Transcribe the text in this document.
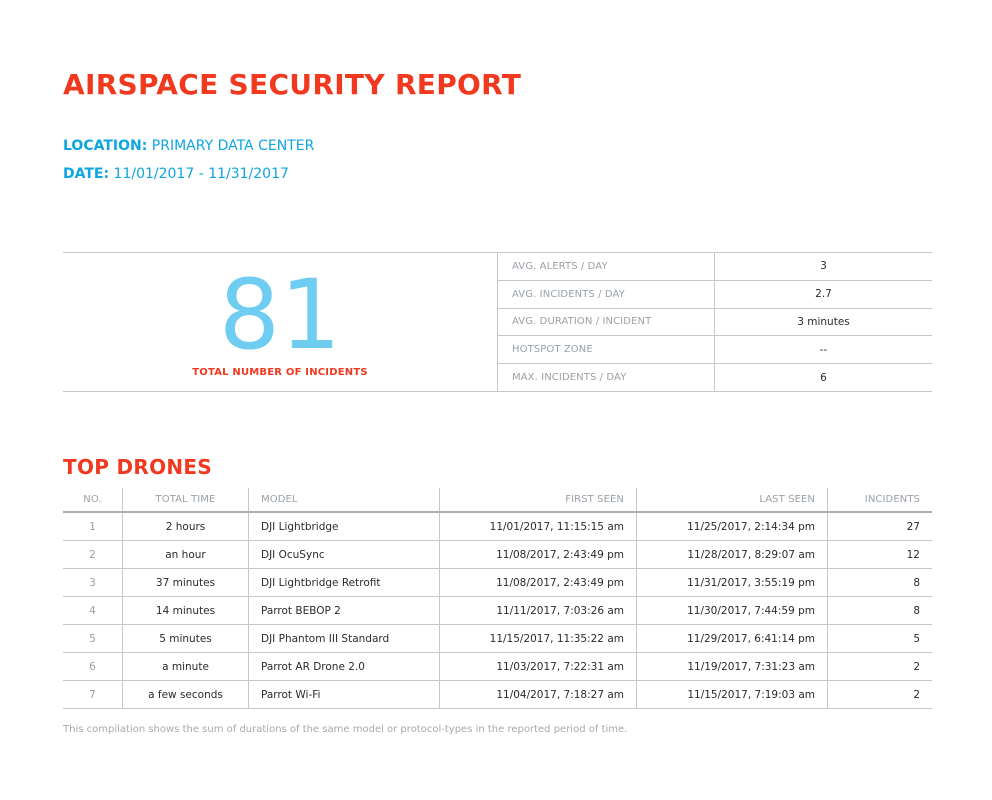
AIRSPACE SECURITY REPORT
LOCATION: PRIMARY DATA CENTER
DATE: 11/01/2017 - 11/31/2017
81
TOTAL NUMBER OF INCIDENTS
AVG. ALERTS / DAY	3
AVG. INCIDENTS / DAY	2.7
AVG. DURATION / INCIDENT	3 minutes
HOTSPOT ZONE	--
MAX. INCIDENTS / DAY	6
TOP DRONES
NO.	TOTAL TIME	MODEL	FIRST SEEN	LAST SEEN	INCIDENTS
1	2 hours	DJI Lightbridge	11/01/2017, 11:15:15 am	11/25/2017, 2:14:34 pm	27
2	an hour	DJI OcuSync	11/08/2017, 2:43:49 pm	11/28/2017, 8:29:07 am	12
3	37 minutes	DJI Lightbridge Retrofit	11/08/2017, 2:43:49 pm	11/31/2017, 3:55:19 pm	8
4	14 minutes	Parrot BEBOP 2	11/11/2017, 7:03:26 am	11/30/2017, 7:44:59 pm	8
5	5 minutes	DJI Phantom III Standard	11/15/2017, 11:35:22 am	11/29/2017, 6:41:14 pm	5
6	a minute	Parrot AR Drone 2.0	11/03/2017, 7:22:31 am	11/19/2017, 7:31:23 am	2
7	a few seconds	Parrot Wi-Fi	11/04/2017, 7:18:27 am	11/15/2017, 7:19:03 am	2
This compilation shows the sum of durations of the same model or protocol-types in the reported period of time.
